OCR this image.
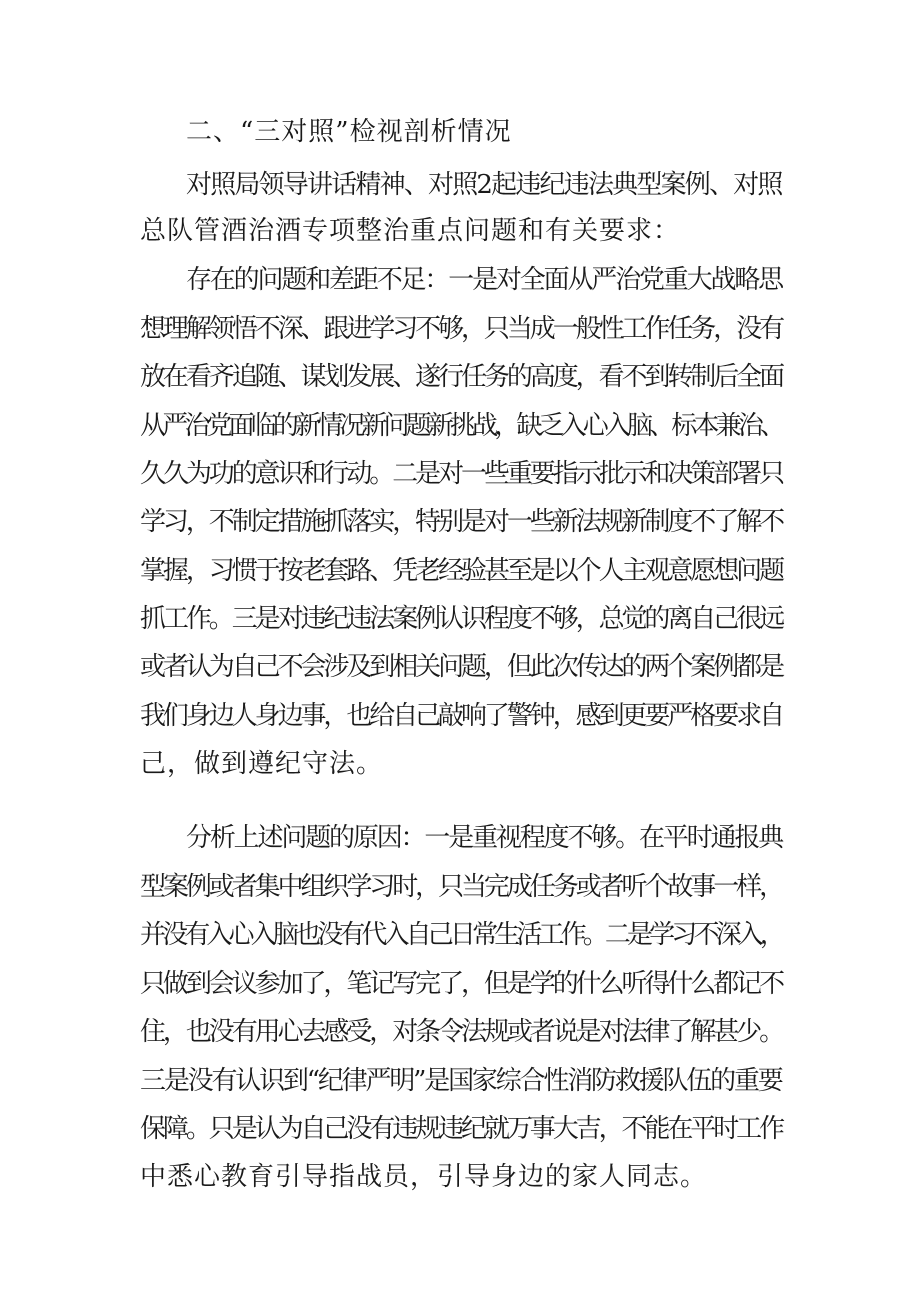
二、“三对照”检视剖析情况
对照局领导讲话精神、对照2起违纪违法典型案例、对照
总队管酒治酒专项整治重点问题和有关要求：
存在的问题和差距不足：一是对全面从严治党重大战略思
想理解领悟不深、跟进学习不够，只当成一般性工作任务，没有
放在看齐追随、谋划发展、遂行任务的高度，看不到转制后全面
从严治党面临的新情况新问题新挑战，缺乏入心入脑、标本兼治、
久久为功的意识和行动。二是对一些重要指示批示和决策部署只
学习，不制定措施抓落实，特别是对一些新法规新制度不了解不
掌握，习惯于按老套路、凭老经验甚至是以个人主观意愿想问题
抓工作。三是对违纪违法案例认识程度不够，总觉的离自己很远
或者认为自己不会涉及到相关问题，但此次传达的两个案例都是
我们身边人身边事，也给自己敲响了警钟，感到更要严格要求自
己，做到遵纪守法。
分析上述问题的原因：一是重视程度不够。在平时通报典
型案例或者集中组织学习时，只当完成任务或者听个故事一样，
并没有入心入脑也没有代入自己日常生活工作。二是学习不深入，
只做到会议参加了，笔记写完了，但是学的什么听得什么都记不
住，也没有用心去感受，对条令法规或者说是对法律了解甚少。
三是没有认识到“纪律严明”是国家综合性消防救援队伍的重要
保障。只是认为自己没有违规违纪就万事大吉，不能在平时工作
中悉心教育引导指战员，引导身边的家人同志。
